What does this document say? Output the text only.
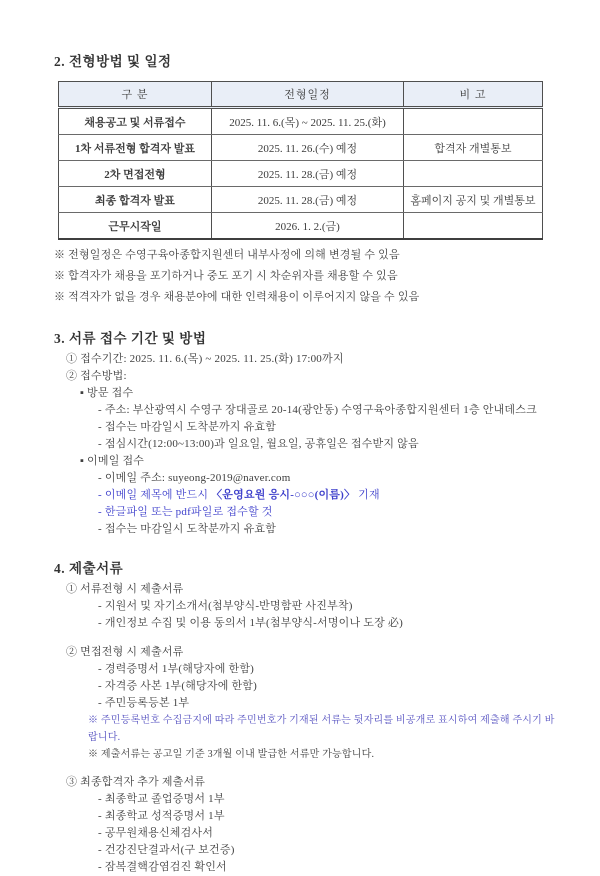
2. 전형방법 및 일정
구 분	전형일정	비 고
채용공고 및 서류접수	2025. 11. 6.(목) ~ 2025. 11. 25.(화)	
1차 서류전형 합격자 발표	2025. 11. 26.(수) 예정	합격자 개별통보
2차 면접전형	2025. 11. 28.(금) 예정	
최종 합격자 발표	2025. 11. 28.(금) 예정	홈페이지 공지 및 개별통보
근무시작일	2026. 1. 2.(금)	
※ 전형일정은 수영구육아종합지원센터 내부사정에 의해 변경될 수 있음
※ 합격자가 채용을 포기하거나 중도 포기 시 차순위자를 채용할 수 있음
※ 적격자가 없을 경우 채용분야에 대한 인력채용이 이루어지지 않을 수 있음
3. 서류 접수 기간 및 방법
① 접수기간: 2025. 11. 6.(목) ~ 2025. 11. 25.(화) 17:00까지
② 접수방법:
▪ 방문 접수
- 주소: 부산광역시 수영구 장대골로 20-14(광안동) 수영구육아종합지원센터 1층 안내데스크
- 접수는 마감일시 도착분까지 유효함
- 점심시간(12:00~13:00)과 일요일, 월요일, 공휴일은 접수받지 않음
▪ 이메일 접수
- 이메일 주소: suyeong-2019@naver.com
- 이메일 제목에 반드시 〈운영요원 응시-○○○(이름)〉 기재
- 한글파일 또는 pdf파일로 접수할 것
- 접수는 마감일시 도착분까지 유효함
4. 제출서류
① 서류전형 시 제출서류
- 지원서 및 자기소개서(첨부양식-반명함판 사진부착)
- 개인정보 수집 및 이용 동의서 1부(첨부양식-서명이나 도장 必)
② 면접전형 시 제출서류
- 경력증명서 1부(해당자에 한함)
- 자격증 사본 1부(해당자에 한함)
- 주민등록등본 1부
※ 주민등록번호 수집금지에 따라 주민번호가 기재된 서류는 뒷자리를 비공개로 표시하여 제출해 주시기 바랍니다.
※ 제출서류는 공고일 기준 3개월 이내 발급한 서류만 가능합니다.
③ 최종합격자 추가 제출서류
- 최종학교 졸업증명서 1부
- 최종학교 성적증명서 1부
- 공무원채용신체검사서
- 건강진단결과서(구 보건증)
- 잠복결핵감염검진 확인서
